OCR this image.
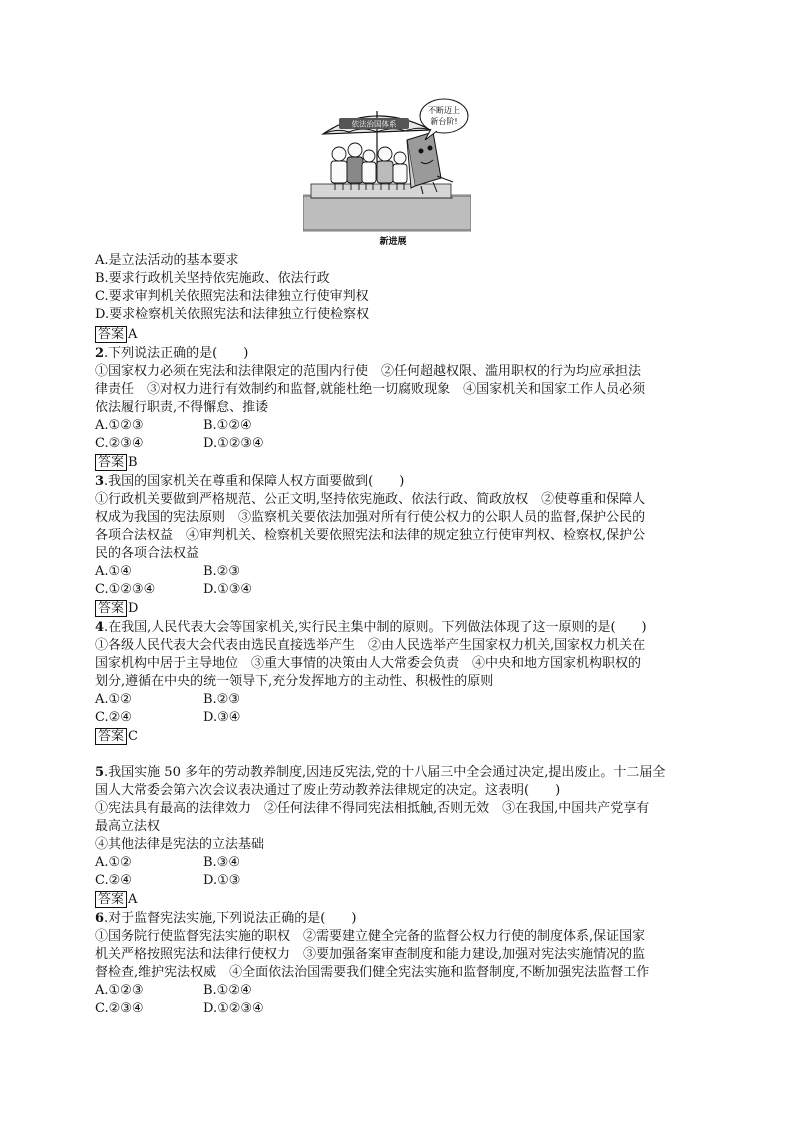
依法治国体系
不断迈上
新台阶!
新进展
A.是立法活动的基本要求
B.要求行政机关坚持依宪施政、依法行政
C.要求审判机关依照宪法和法律独立行使审判权
D.要求检察机关依照宪法和法律独立行使检察权
答案 A
2.下列说法正确的是(　　)
①国家权力必须在宪法和法律限定的范围内行使　②任何超越权限、滥用职权的行为均应承担法
律责任　③对权力进行有效制约和监督,就能杜绝一切腐败现象　④国家机关和国家工作人员必须
依法履行职责,不得懈怠、推诿
A.①②③	B.①②④
C.②③④	D.①②③④
答案 B
3.我国的国家机关在尊重和保障人权方面要做到(　　)
①行政机关要做到严格规范、公正文明,坚持依宪施政、依法行政、简政放权　②使尊重和保障人
权成为我国的宪法原则　③监察机关要依法加强对所有行使公权力的公职人员的监督,保护公民的
各项合法权益　④审判机关、检察机关要依照宪法和法律的规定独立行使审判权、检察权,保护公
民的各项合法权益
A.①④	B.②③
C.①②③④	D.①③④
答案 D
4.在我国,人民代表大会等国家机关,实行民主集中制的原则。下列做法体现了这一原则的是(　　)
①各级人民代表大会代表由选民直接选举产生　②由人民选举产生国家权力机关,国家权力机关在
国家机构中居于主导地位　③重大事情的决策由人大常委会负责　④中央和地方国家机构职权的
划分,遵循在中央的统一领导下,充分发挥地方的主动性、积极性的原则
A.①②	B.②③
C.②④	D.③④
答案 C
5.我国实施 50 多年的劳动教养制度,因违反宪法,党的十八届三中全会通过决定,提出废止。十二届全
国人大常委会第六次会议表决通过了废止劳动教养法律规定的决定。这表明(　　)
①宪法具有最高的法律效力　②任何法律不得同宪法相抵触,否则无效　③在我国,中国共产党享有
最高立法权
④其他法律是宪法的立法基础
A.①②	B.③④
C.②④	D.①③
答案 A
6.对于监督宪法实施,下列说法正确的是(　　)
①国务院行使监督宪法实施的职权　②需要建立健全完备的监督公权力行使的制度体系,保证国家
机关严格按照宪法和法律行使权力　③要加强备案审查制度和能力建设,加强对宪法实施情况的监
督检查,维护宪法权威　④全面依法治国需要我们健全宪法实施和监督制度,不断加强宪法监督工作
A.①②③	B.①②④
C.②③④	D.①②③④
